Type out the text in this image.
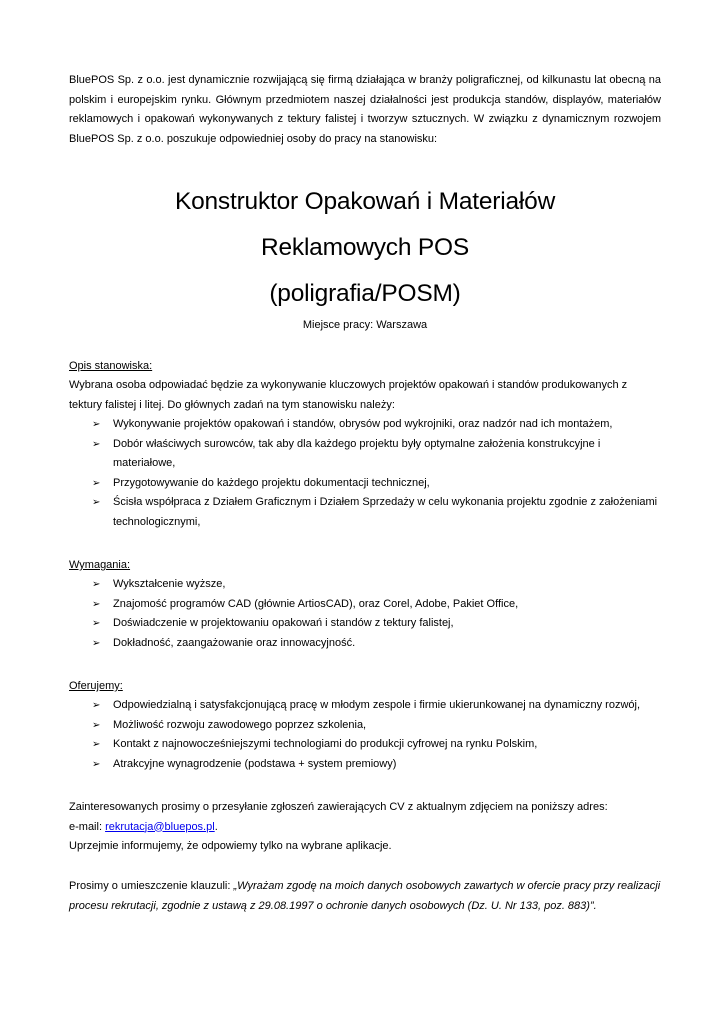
BluePOS Sp. z o.o. jest dynamicznie rozwijającą się firmą działająca w branży poligraficznej, od kilkunastu lat obecną na polskim i europejskim rynku. Głównym przedmiotem naszej działalności jest produkcja standów, displayów, materiałów reklamowych i opakowań wykonywanych z tektury falistej i tworzyw sztucznych. W związku z dynamicznym rozwojem BluePOS Sp. z o.o. poszukuje odpowiedniej osoby do pracy na stanowisku:

Konstruktor Opakowań i Materiałów
Reklamowych POS
(poligrafia/POSM)

Miejsce pracy: Warszawa

Opis stanowiska:

Wybrana osoba odpowiadać będzie za wykonywanie kluczowych projektów opakowań i standów produkowanych z tektury falistej i litej. Do głównych zadań na tym stanowisku należy:

➢ Wykonywanie projektów opakowań i standów, obrysów pod wykrojniki, oraz nadzór nad ich montażem,
➢ Dobór właściwych surowców, tak aby dla każdego projektu były optymalne założenia konstrukcyjne i materiałowe,
➢ Przygotowywanie do każdego projektu dokumentacji technicznej,
➢ Ścisła współpraca z Działem Graficznym i Działem Sprzedaży w celu wykonania projektu zgodnie z założeniami technologicznymi,

Wymagania:

➢ Wykształcenie wyższe,
➢ Znajomość programów CAD (głównie ArtiosCAD), oraz Corel, Adobe, Pakiet Office,
➢ Doświadczenie w projektowaniu opakowań i standów z tektury falistej,
➢ Dokładność, zaangażowanie oraz innowacyjność.

Oferujemy:

➢ Odpowiedzialną i satysfakcjonującą pracę w młodym zespole i firmie ukierunkowanej na dynamiczny rozwój,
➢ Możliwość rozwoju zawodowego poprzez szkolenia,
➢ Kontakt z najnowocześniejszymi technologiami do produkcji cyfrowej na rynku Polskim,
➢ Atrakcyjne wynagrodzenie (podstawa + system premiowy)

Zainteresowanych prosimy o przesyłanie zgłoszeń zawierających CV z aktualnym zdjęciem na poniższy adres:

e-mail: rekrutacja@bluepos.pl.

Uprzejmie informujemy, że odpowiemy tylko na wybrane aplikacje.

Prosimy o umieszczenie klauzuli: „Wyrażam zgodę na moich danych osobowych zawartych w ofercie pracy przy realizacji procesu rekrutacji, zgodnie z ustawą z 29.08.1997 o ochronie danych osobowych (Dz. U. Nr 133, poz. 883)”.
